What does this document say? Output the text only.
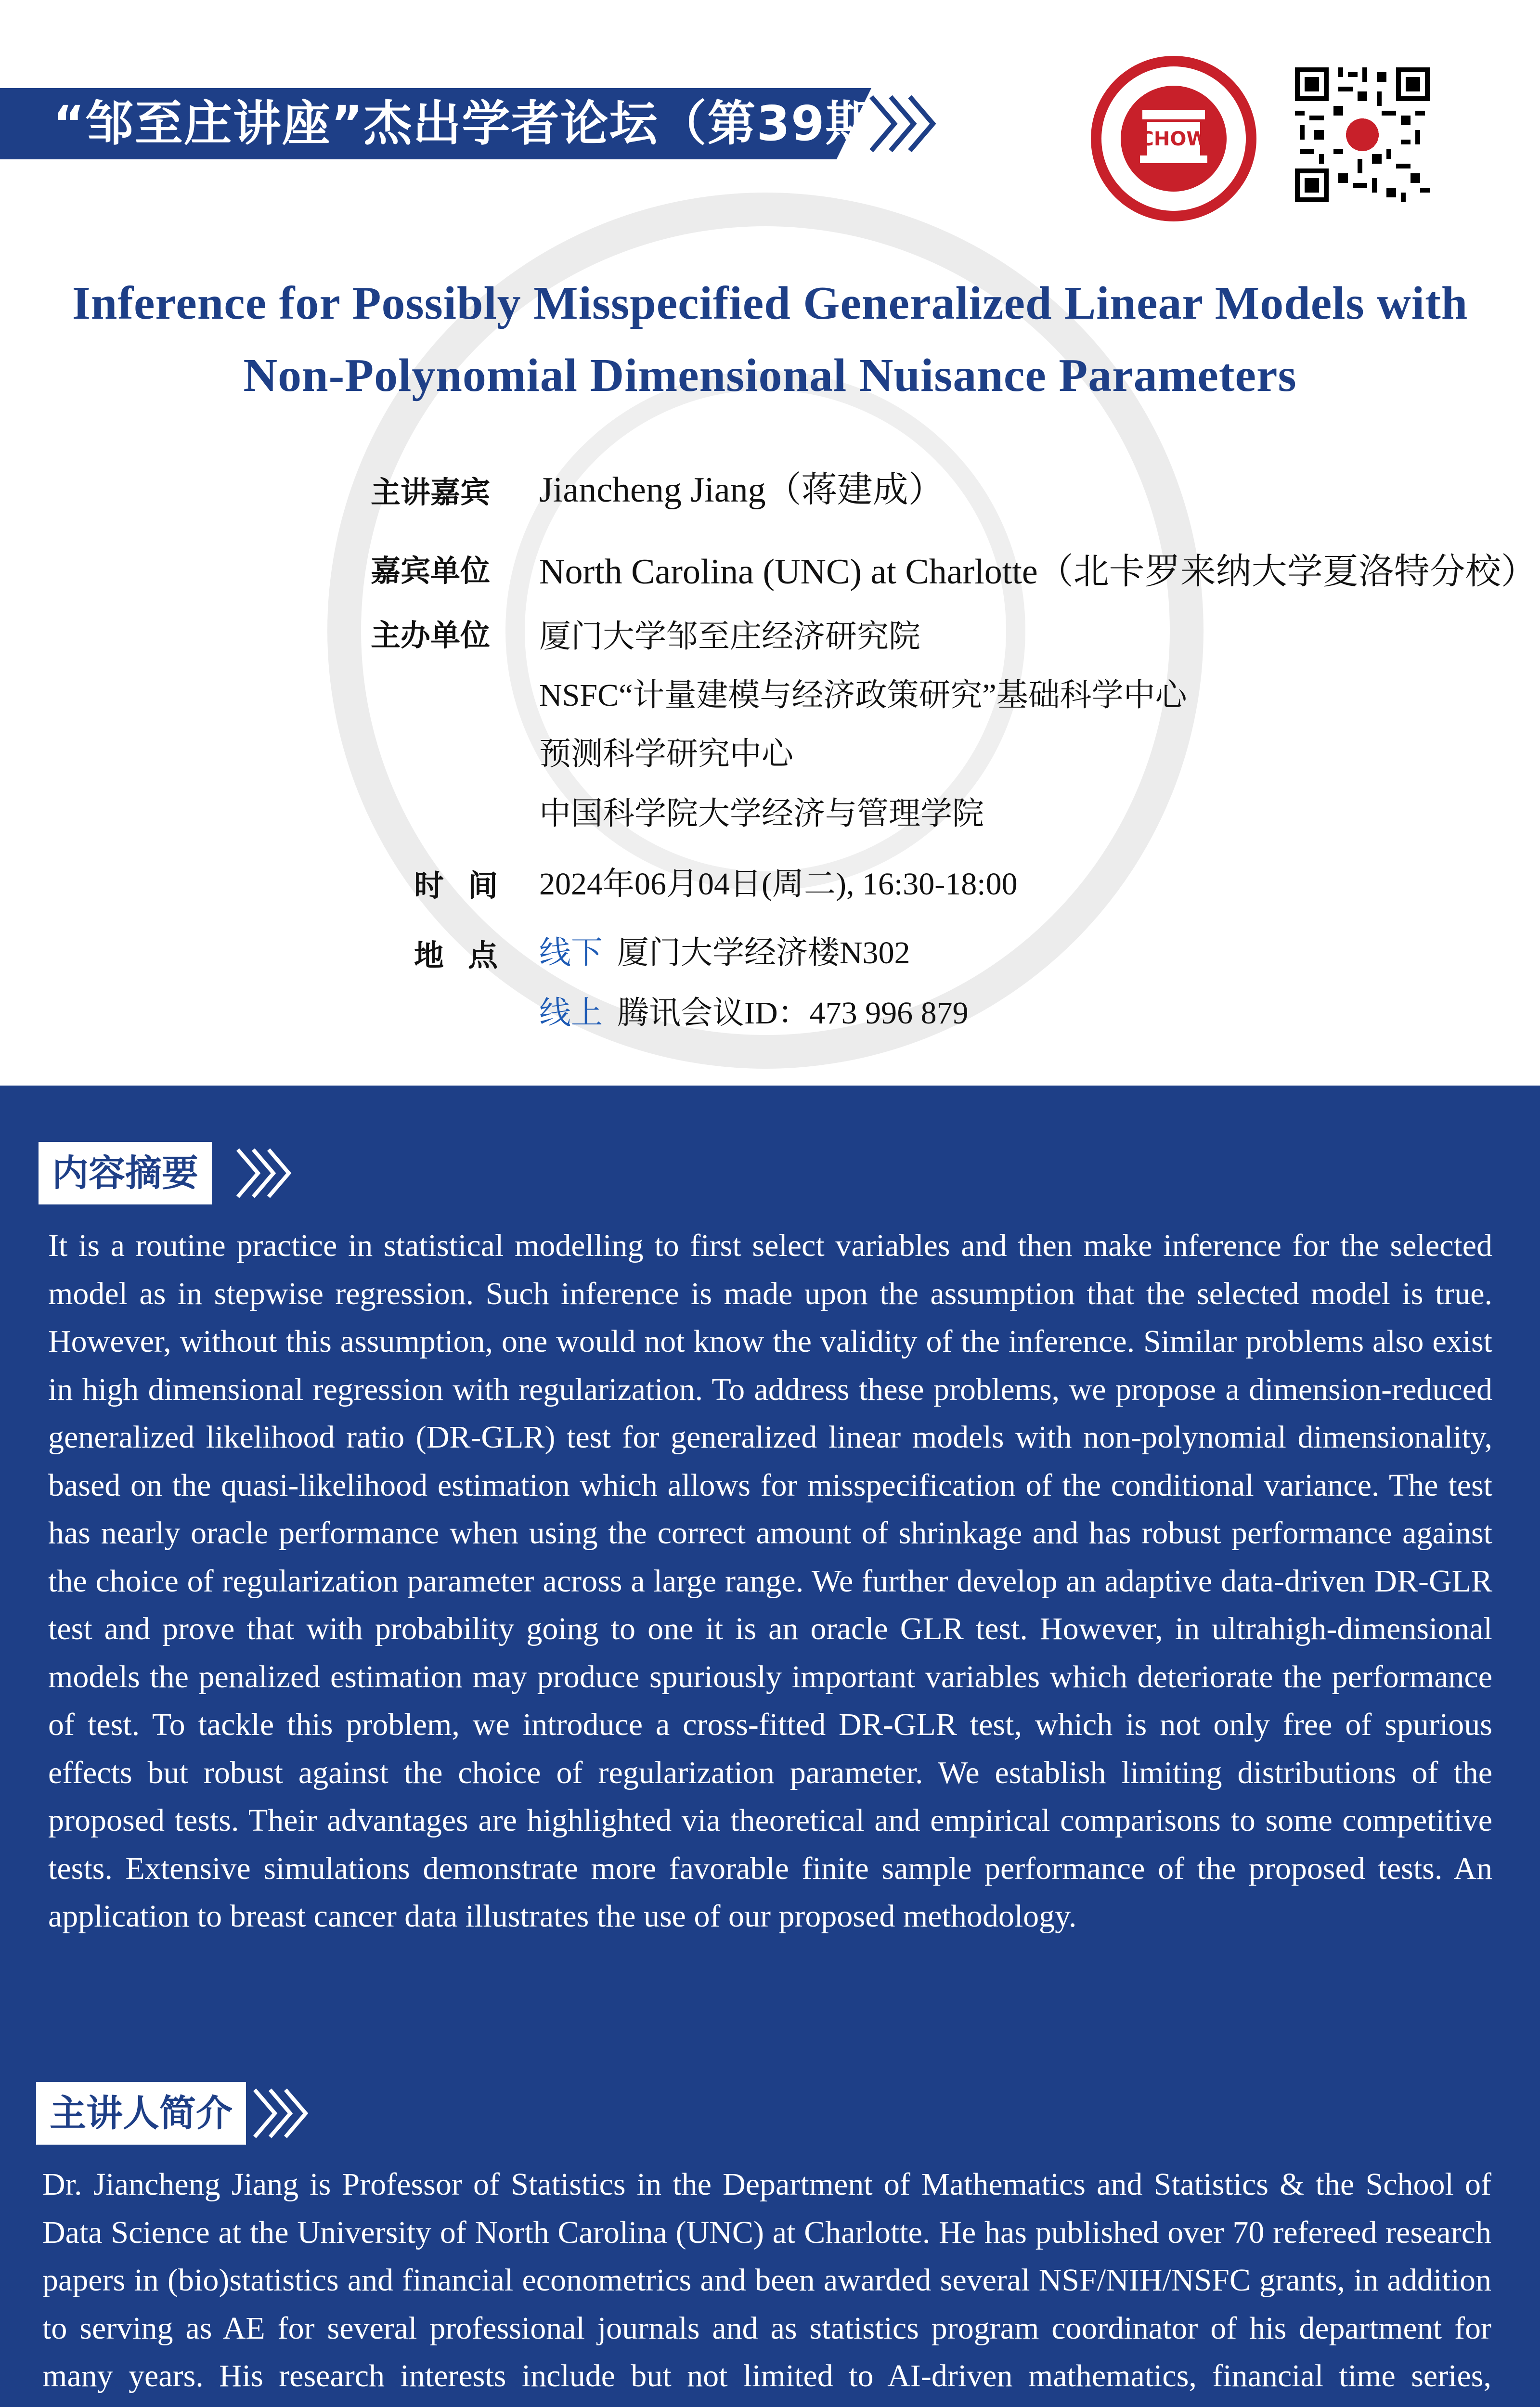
“邹至庄讲座”杰出学者论坛（第39期）	CHOW
Inference for Possibly Misspecified Generalized Linear Models with
Non-Polynomial Dimensional Nuisance Parameters
主讲嘉宾	Jiancheng Jiang（蒋建成）
嘉宾单位	North Carolina (UNC) at Charlotte（北卡罗来纳大学夏洛特分校）
主办单位	厦门大学邹至庄经济研究院
NSFC“计量建模与经济政策研究”基础科学中心
预测科学研究中心
中国科学院大学经济与管理学院
时间 2024年06月04日(周二), 16:30-18:00
地点 线下 厦门大学经济楼N302
线上 腾讯会议ID：473 996 879
内容摘要
It is a routine practice in statistical modelling to first select variables and then make inference for the selected model as in stepwise regression. Such inference is made upon the assumption that the selected model is true. However, without this assumption, one would not know the validity of the inference. Similar problems also exist in high dimensional regression with regularization. To address these problems, we propose a dimension-reduced generalized likelihood ratio (DR-GLR) test for generalized linear models with non-polynomial dimensionality, based on the quasi-likelihood estimation which allows for misspecification of the conditional variance. The test has nearly oracle performance when using the correct amount of shrinkage and has robust performance against the choice of regularization parameter across a large range. We further develop an adaptive data-driven DR-GLR test and prove that with probability going to one it is an oracle GLR test. However, in ultrahigh-dimensional models the penalized estimation may produce spuriously important variables which deteriorate the performance of test. To tackle this problem, we introduce a cross-fitted DR-GLR test, which is not only free of spurious effects but robust against the choice of regularization parameter. We establish limiting distributions of the proposed tests. Their advantages are highlighted via theoretical and empirical comparisons to some competitive tests. Extensive simulations demonstrate more favorable finite sample performance of the proposed tests. An application to breast cancer data illustrates the use of our proposed methodology.
主讲人简介
Dr. Jiancheng Jiang is Professor of Statistics in the Department of Mathematics and Statistics & the School of Data Science at the University of North Carolina (UNC) at Charlotte. He has published over 70 refereed research papers in (bio)statistics and financial econometrics and been awarded several NSF/NIH/NSFC grants, in addition to serving as AE for several professional journals and as statistics program coordinator of his department for many years. His research interests include but not limited to AI-driven mathematics, financial time series,
